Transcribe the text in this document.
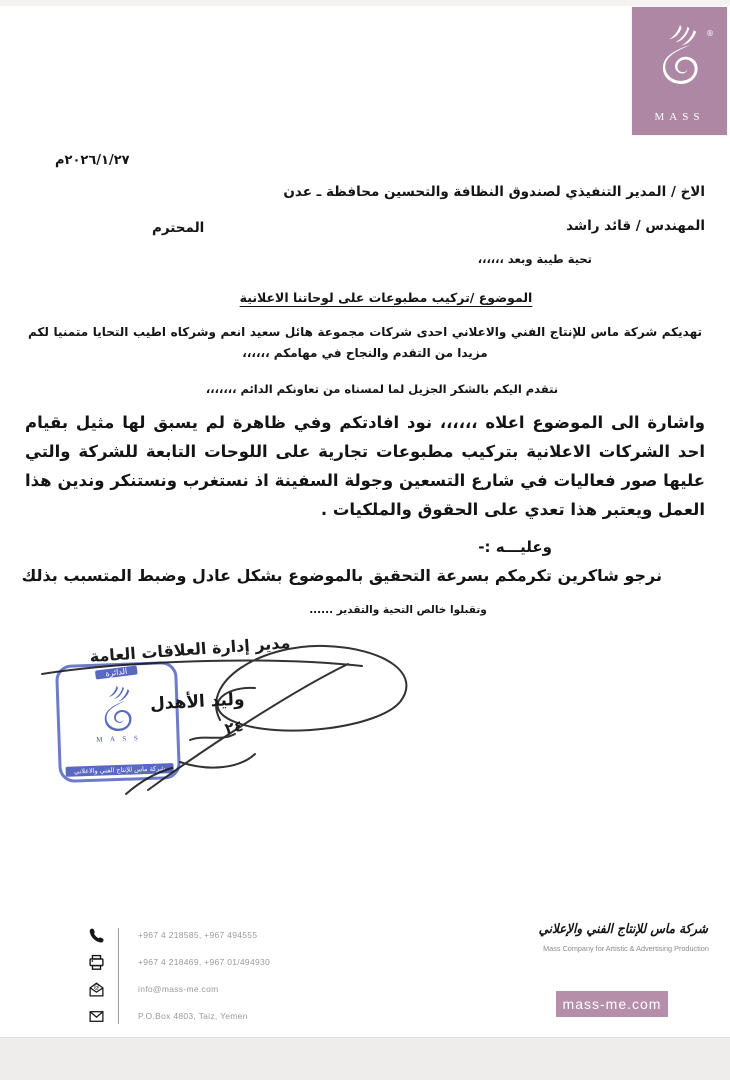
®
MASS
٢٠٢٦/١/٢٧م
الاخ / المدير التنفيذي لصندوق النظافة والتحسين محافظة ـ عدن
المهندس / قائد راشد
المحترم
تحية طيبة وبعد ،،،،،،
الموضوع /تركيب مطبوعات على لوحاتنا الاعلانية
تهديكم شركة ماس للإنتاج الفني والاعلاني احدى شركات مجموعة هائل سعيد انعم وشركاه اطيب التحايا متمنيا لكم مزيدا من التقدم والنجاح في مهامكم ،،،،،،
نتقدم اليكم بالشكر الجزيل لما لمسناه من تعاونكم الدائم ،،،،،،،
واشارة الى الموضوع اعلاه ،،،،،، نود افادتكم وفي ظاهرة لم يسبق لها مثيل بقيام احد الشركات الاعلانية بتركيب مطبوعات تجارية على اللوحات التابعة للشركة والتي عليها صور فعاليات في شارع التسعين وجولة السفينة اذ نستغرب ونستنكر وندين هذا العمل ويعتبر هذا تعدي على الحقوق والملكيات .
وعليـــه :-
نرجو شاكرين تكرمكم بسرعة التحقيق بالموضوع بشكل عادل وضبط المتسبب بذلك
وتقبلوا خالص التحية والتقدير ......
الدائرة
M A S S
شركة ماس للإنتاج الفني والاعلاني
مدير إدارة العلاقات العامة
وليد الأهدل
٢٤
+967 4 218585, +967 494555
+967 4 218469, +967 01/494930
@	info@mass-me.com
P.O.Box 4803, Taiz, Yemen
شركة ماس للإنتاج الفني والإعلاني
Mass Company for Artistic & Advertising Production
mass-me.com
